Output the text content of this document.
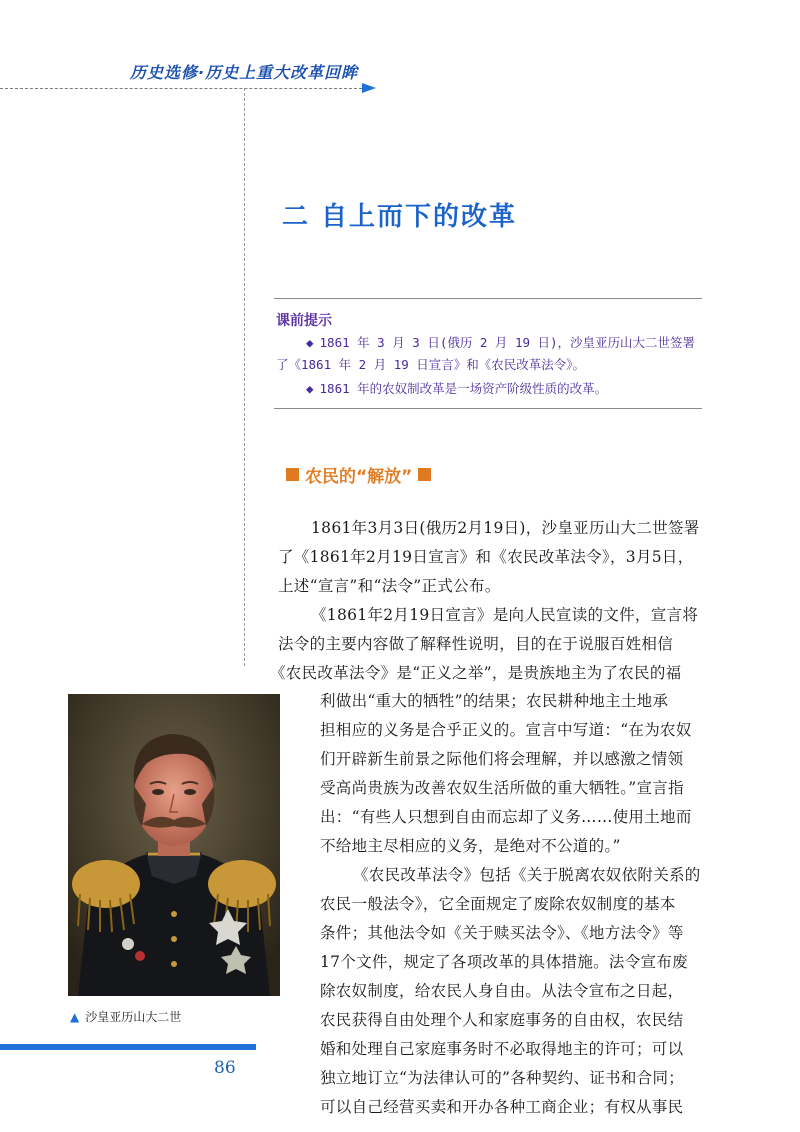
历史选修·历史上重大改革回眸
二 自上而下的改革
课前提示
◆ 1861 年 3 月 3 日(俄历 2 月 19 日)，沙皇亚历山大二世签署
了《1861 年 2 月 19 日宣言》和《农民改革法令》。
◆ 1861 年的农奴制改革是一场资产阶级性质的改革。
农民的“解放”
1861年3月3日(俄历2月19日)，沙皇亚历山大二世签署
了《1861年2月19日宣言》和《农民改革法令》，3月5日，
上述“宣言”和“法令”正式公布。
《1861年2月19日宣言》是向人民宣读的文件，宣言将
法令的主要内容做了解释性说明，目的在于说服百姓相信
《农民改革法令》是“正义之举”，是贵族地主为了农民的福
利做出“重大的牺牲”的结果；农民耕种地主土地承
担相应的义务是合乎正义的。宣言中写道：“在为农奴
们开辟新生前景之际他们将会理解，并以感激之情领
受高尚贵族为改善农奴生活所做的重大牺牲。”宣言指
出：“有些人只想到自由而忘却了义务……使用土地而
不给地主尽相应的义务，是绝对不公道的。”
《农民改革法令》包括《关于脱离农奴依附关系的
农民一般法令》，它全面规定了废除农奴制度的基本
条件；其他法令如《关于赎买法令》、《地方法令》等
17个文件，规定了各项改革的具体措施。法令宣布废
除农奴制度，给农民人身自由。从法令宣布之日起，
农民获得自由处理个人和家庭事务的自由权，农民结
婚和处理自己家庭事务时不必取得地主的许可；可以
独立地订立“为法律认可的”各种契约、证书和合同；
可以自己经营买卖和开办各种工商企业；有权从事民
▲ 沙皇亚历山大二世
86
